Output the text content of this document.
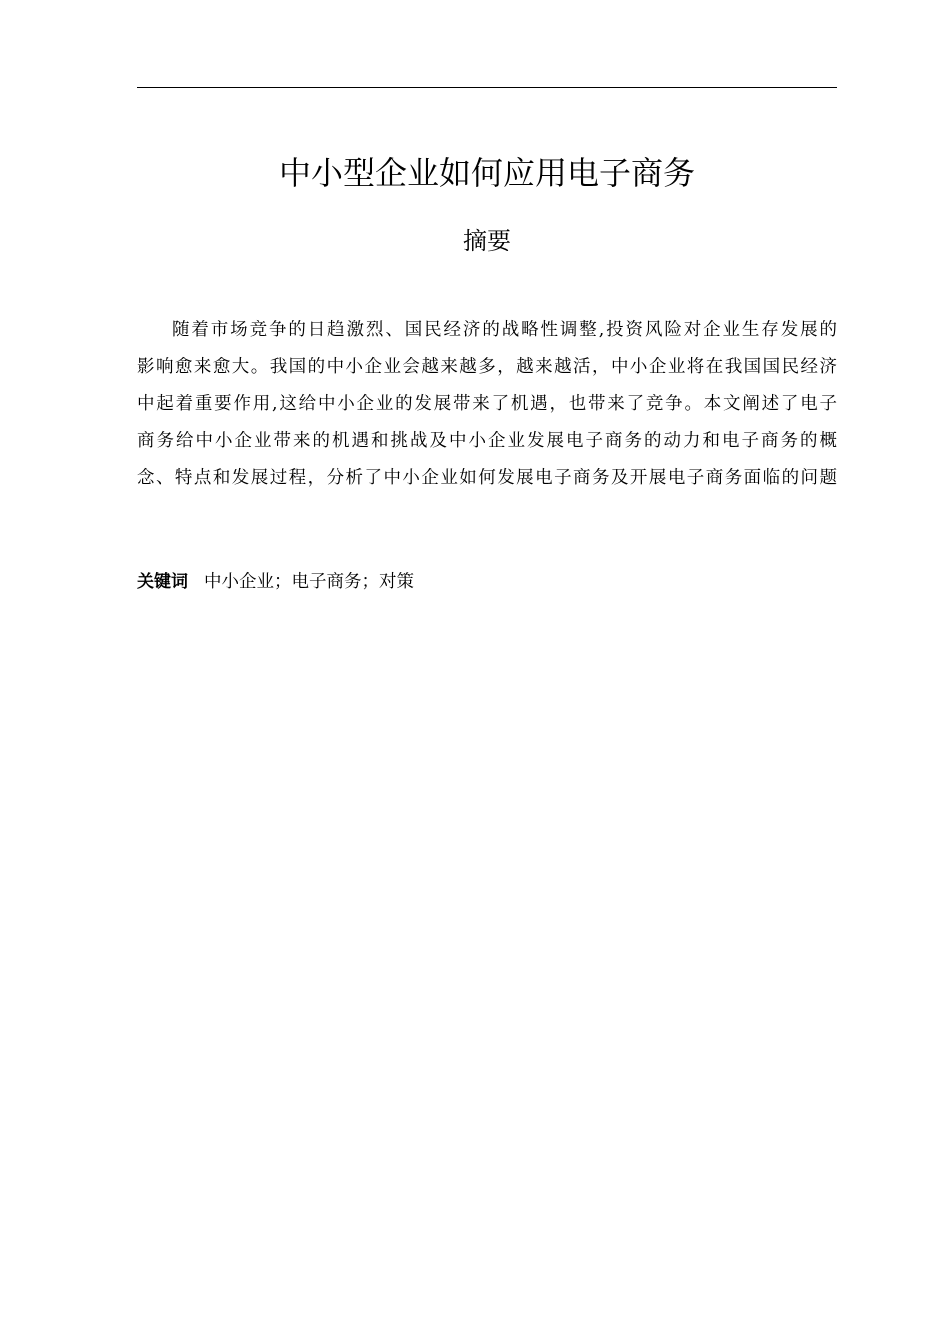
中小型企业如何应用电子商务
摘要
随着市场竞争的日趋激烈、国民经济的战略性调整,投资风险对企业生存发展的
影响愈来愈大。我国的中小企业会越来越多，越来越活，中小企业将在我国国民经济
中起着重要作用,这给中小企业的发展带来了机遇，也带来了竞争。本文阐述了电子
商务给中小企业带来的机遇和挑战及中小企业发展电子商务的动力和电子商务的概
念、特点和发展过程，分析了中小企业如何发展电子商务及开展电子商务面临的问题
关键词 中小企业；电子商务；对策
